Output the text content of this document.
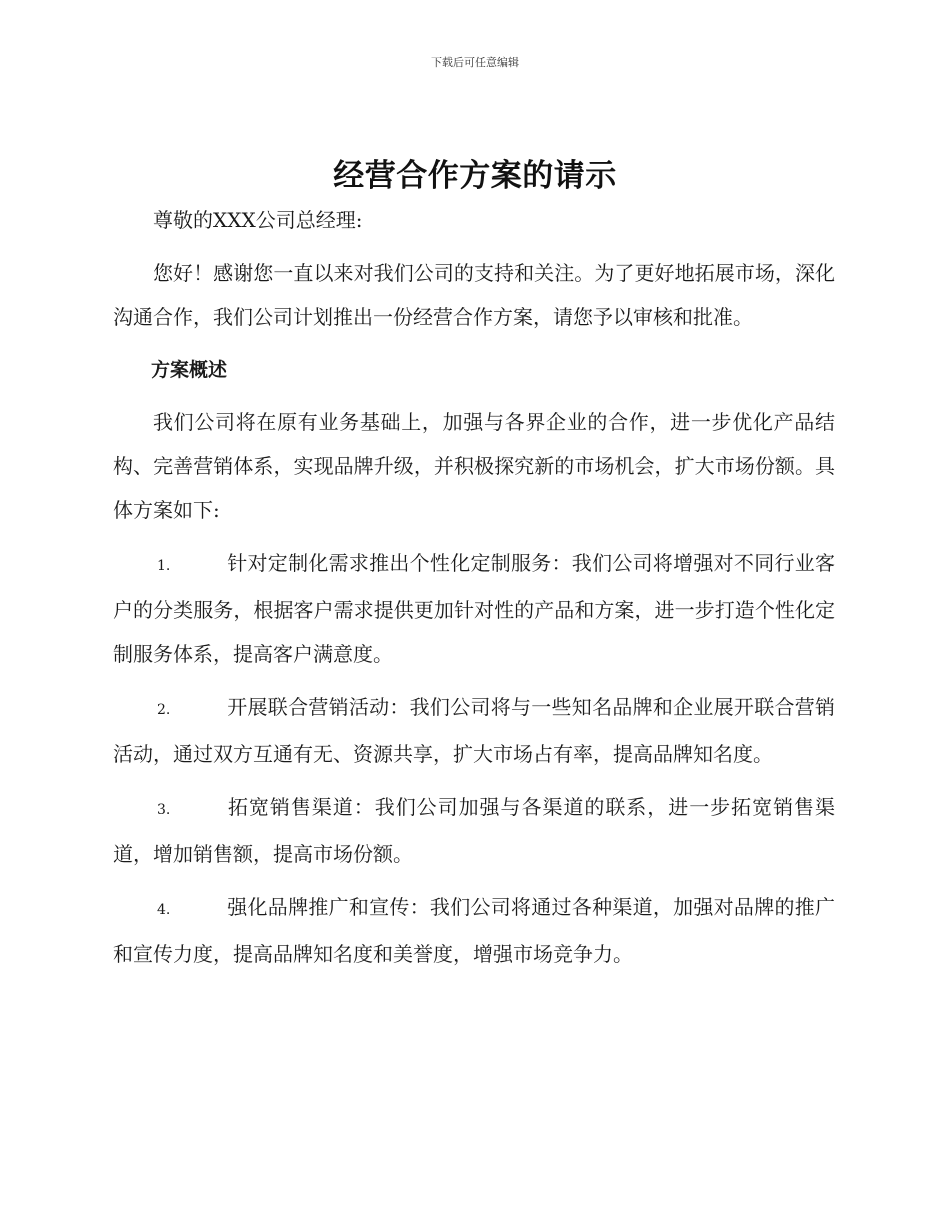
下载后可任意编辑
经营合作方案的请示

尊敬的XXX公司总经理:

您好！感谢您一直以来对我们公司的支持和关注。为了更好地拓展市场，深化沟通合作，我们公司计划推出一份经营合作方案，请您予以审核和批准。

方案概述

我们公司将在原有业务基础上，加强与各界企业的合作，进一步优化产品结构、完善营销体系，实现品牌升级，并积极探究新的市场机会，扩大市场份额。具体方案如下:

1.	针对定制化需求推出个性化定制服务：我们公司将增强对不同行业客户的分类服务，根据客户需求提供更加针对性的产品和方案，进一步打造个性化定制服务体系，提高客户满意度。

2.	开展联合营销活动：我们公司将与一些知名品牌和企业展开联合营销活动，通过双方互通有无、资源共享，扩大市场占有率，提高品牌知名度。

3.	拓宽销售渠道：我们公司加强与各渠道的联系，进一步拓宽销售渠道，增加销售额，提高市场份额。

4.	强化品牌推广和宣传：我们公司将通过各种渠道，加强对品牌的推广和宣传力度，提高品牌知名度和美誉度，增强市场竞争力。
